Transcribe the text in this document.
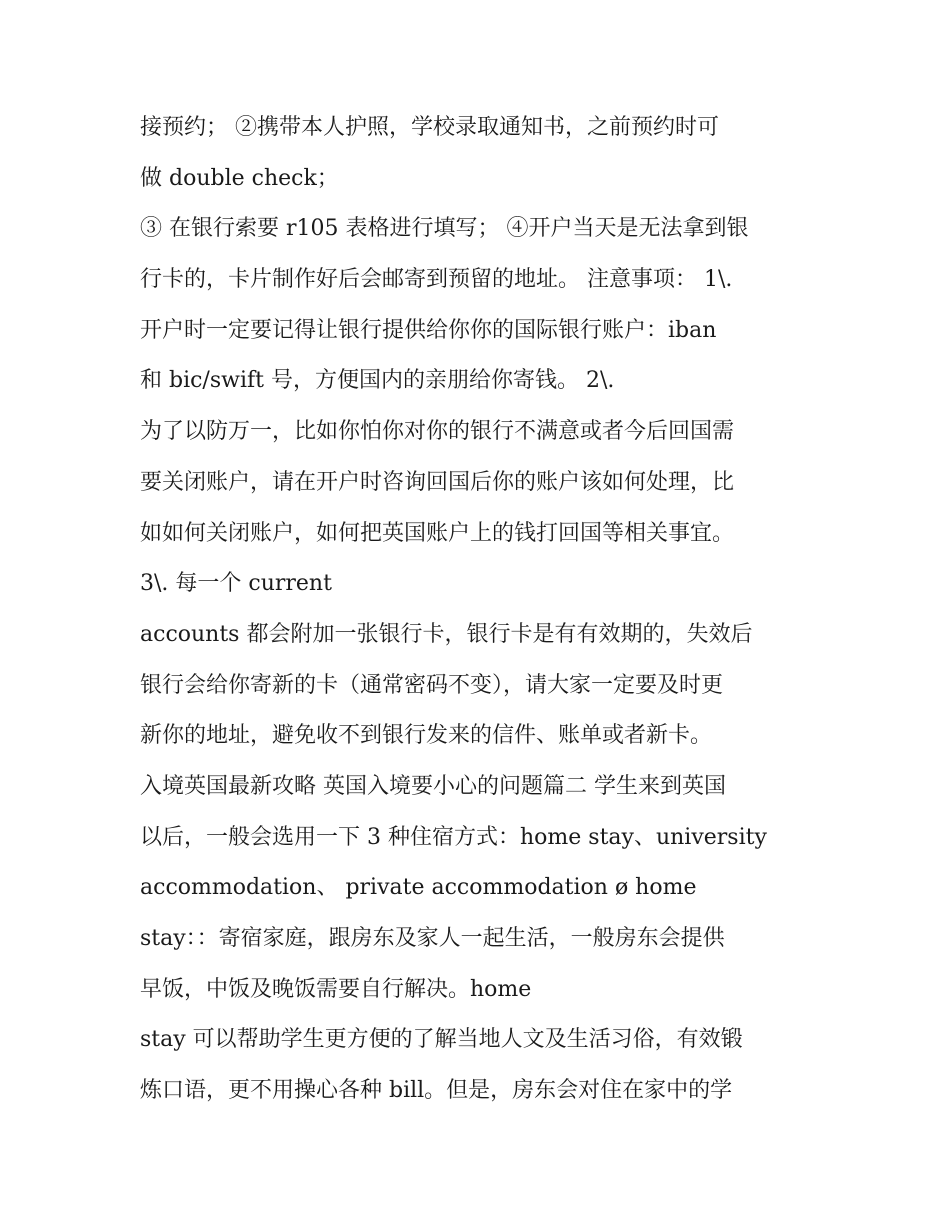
接预约； ②携带本人护照，学校录取通知书，之前预约时可
做 double check；
③ 在银行索要 r105 表格进行填写； ④开户当天是无法拿到银
行卡的，卡片制作好后会邮寄到预留的地址。 注意事项： 1\.
开户时一定要记得让银行提供给你你的国际银行账户：iban
和 bic/swift 号，方便国内的亲朋给你寄钱。 2\.
为了以防万一，比如你怕你对你的银行不满意或者今后回国需
要关闭账户，请在开户时咨询回国后你的账户该如何处理，比
如如何关闭账户，如何把英国账户上的钱打回国等相关事宜。
3\. 每一个 current
accounts 都会附加一张银行卡，银行卡是有有效期的，失效后
银行会给你寄新的卡（通常密码不变），请大家一定要及时更
新你的地址，避免收不到银行发来的信件、账单或者新卡。
入境英国最新攻略 英国入境要小心的问题篇二 学生来到英国
以后，一般会选用一下 3 种住宿方式：home stay、university
accommodation、 private accommodation ø home
stay：：寄宿家庭，跟房东及家人一起生活，一般房东会提供
早饭，中饭及晚饭需要自行解决。home
stay 可以帮助学生更方便的了解当地人文及生活习俗，有效锻
炼口语，更不用操心各种 bill。但是，房东会对住在家中的学
